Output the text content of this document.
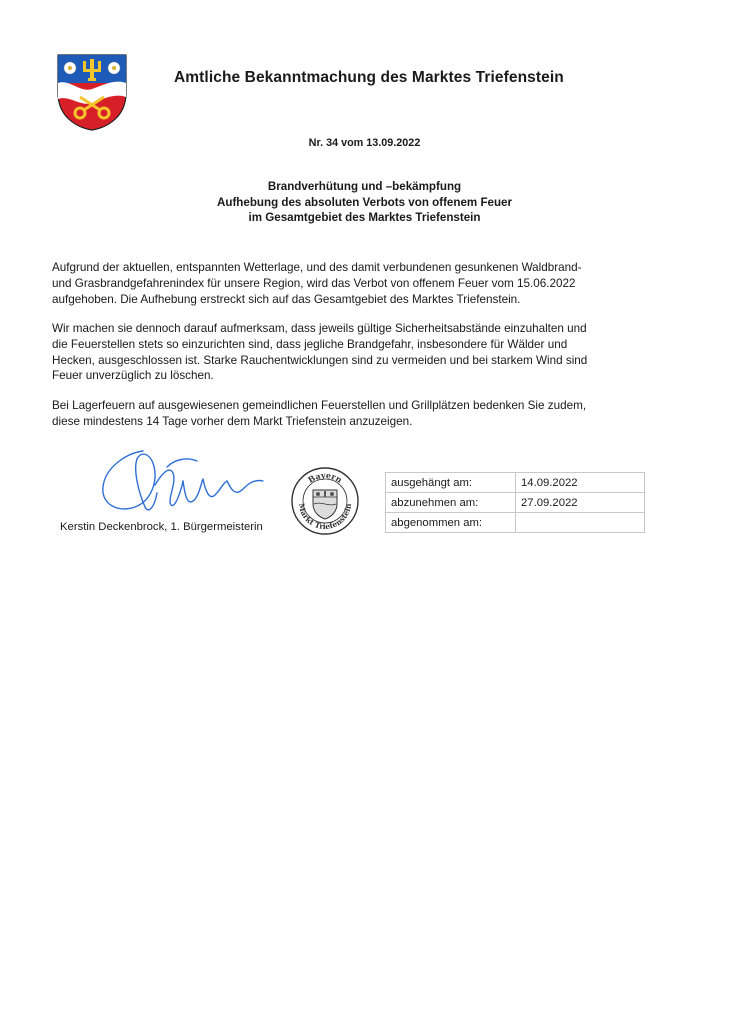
Amtliche Bekanntmachung des Marktes Triefenstein
Nr. 34 vom 13.09.2022
Brandverhütung und –bekämpfung
Aufhebung des absoluten Verbots von offenem Feuer
im Gesamtgebiet des Marktes Triefenstein
Aufgrund der aktuellen, entspannten Wetterlage, und des damit verbundenen gesunkenen Waldbrand-
und Grasbrandgefahrenindex für unsere Region, wird das Verbot von offenem Feuer vom 15.06.2022
aufgehoben. Die Aufhebung erstreckt sich auf das Gesamtgebiet des Marktes Triefenstein.
Wir machen sie dennoch darauf aufmerksam, dass jeweils gültige Sicherheitsabstände einzuhalten und
die Feuerstellen stets so einzurichten sind, dass jegliche Brandgefahr, insbesondere für Wälder und
Hecken, ausgeschlossen ist. Starke Rauchentwicklungen sind zu vermeiden und bei starkem Wind sind
Feuer unverzüglich zu löschen.
Bei Lagerfeuern auf ausgewiesenen gemeindlichen Feuerstellen und Grillplätzen bedenken Sie zudem,
diese mindestens 14 Tage vorher dem Markt Triefenstein anzuzeigen.
Kerstin Deckenbrock, 1. Bürgermeisterin
Bayern
Markt Triefenstein
ausgehängt am:	14.09.2022
abzunehmen am:	27.09.2022
abgenommen am:	
